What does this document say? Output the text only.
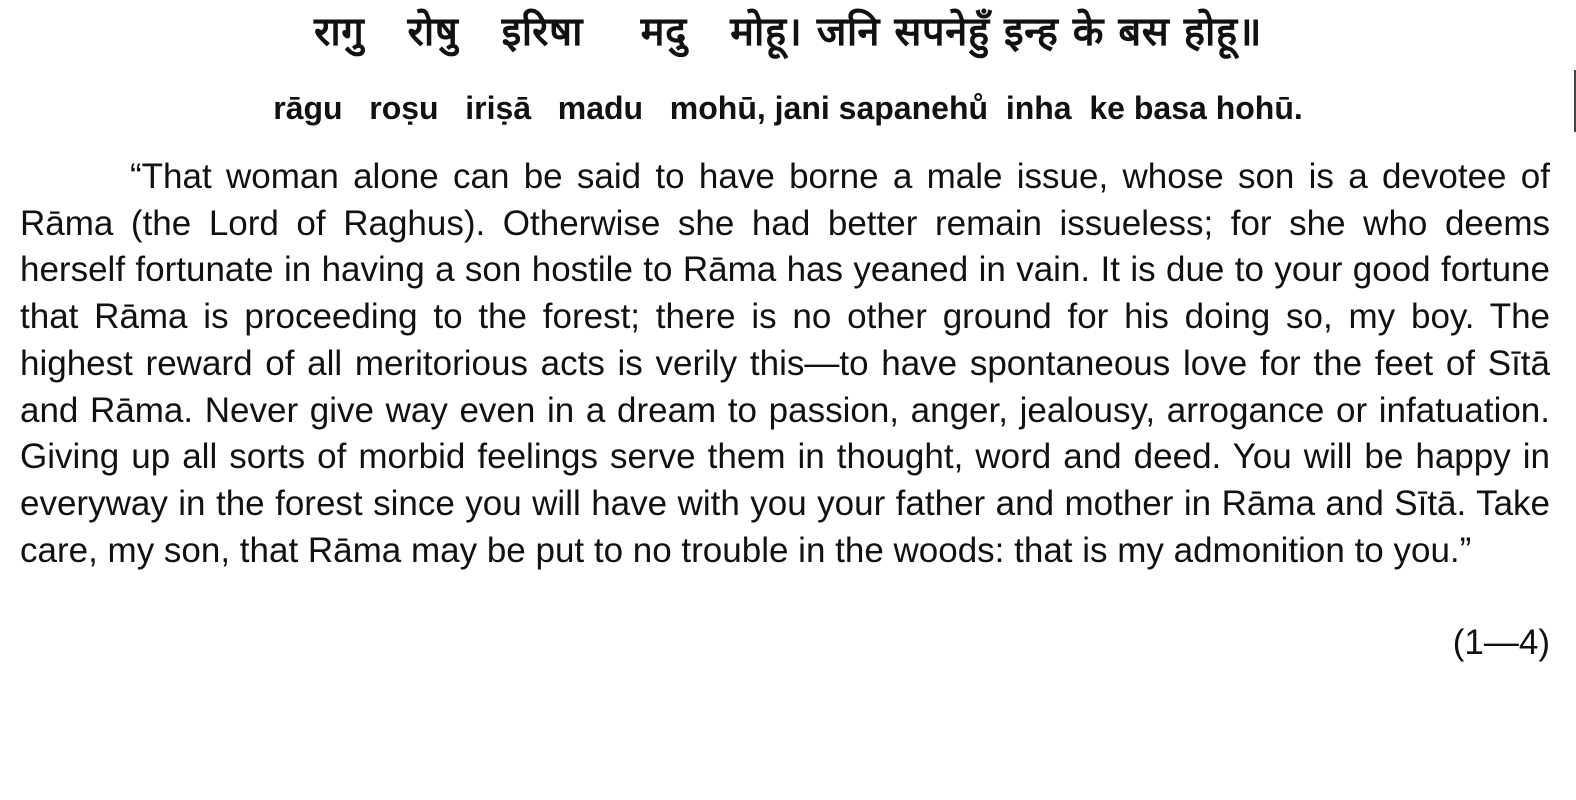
रागु   रोषु   इरिषा    मदु   मोहू। जनि सपनेहुँ इन्ह के बस होहू॥
rāgu   roṣu   iriṣā   madu   mohū, jani sapanehů  inha  ke basa hohū.

“That woman alone can be said to have borne a male issue, whose son is a devotee of Rāma (the Lord of Raghus). Otherwise she had better remain issueless; for she who deems herself fortunate in having a son hostile to Rāma has yeaned in vain. It is due to your good fortune that Rāma is proceeding to the forest; there is no other ground for his doing so, my boy. The highest reward of all meritorious acts is verily this—to have spontaneous love for the feet of Sītā and Rāma. Never give way even in a dream to passion, anger, jealousy, arrogance or infatuation. Giving up all sorts of morbid feelings serve them in thought, word and deed. You will be happy in everyway in the forest since you will have with you your father and mother in Rāma and Sītā. Take care, my son, that Rāma may be put to no trouble in the woods: that is my admonition to you.”

(1—4)
